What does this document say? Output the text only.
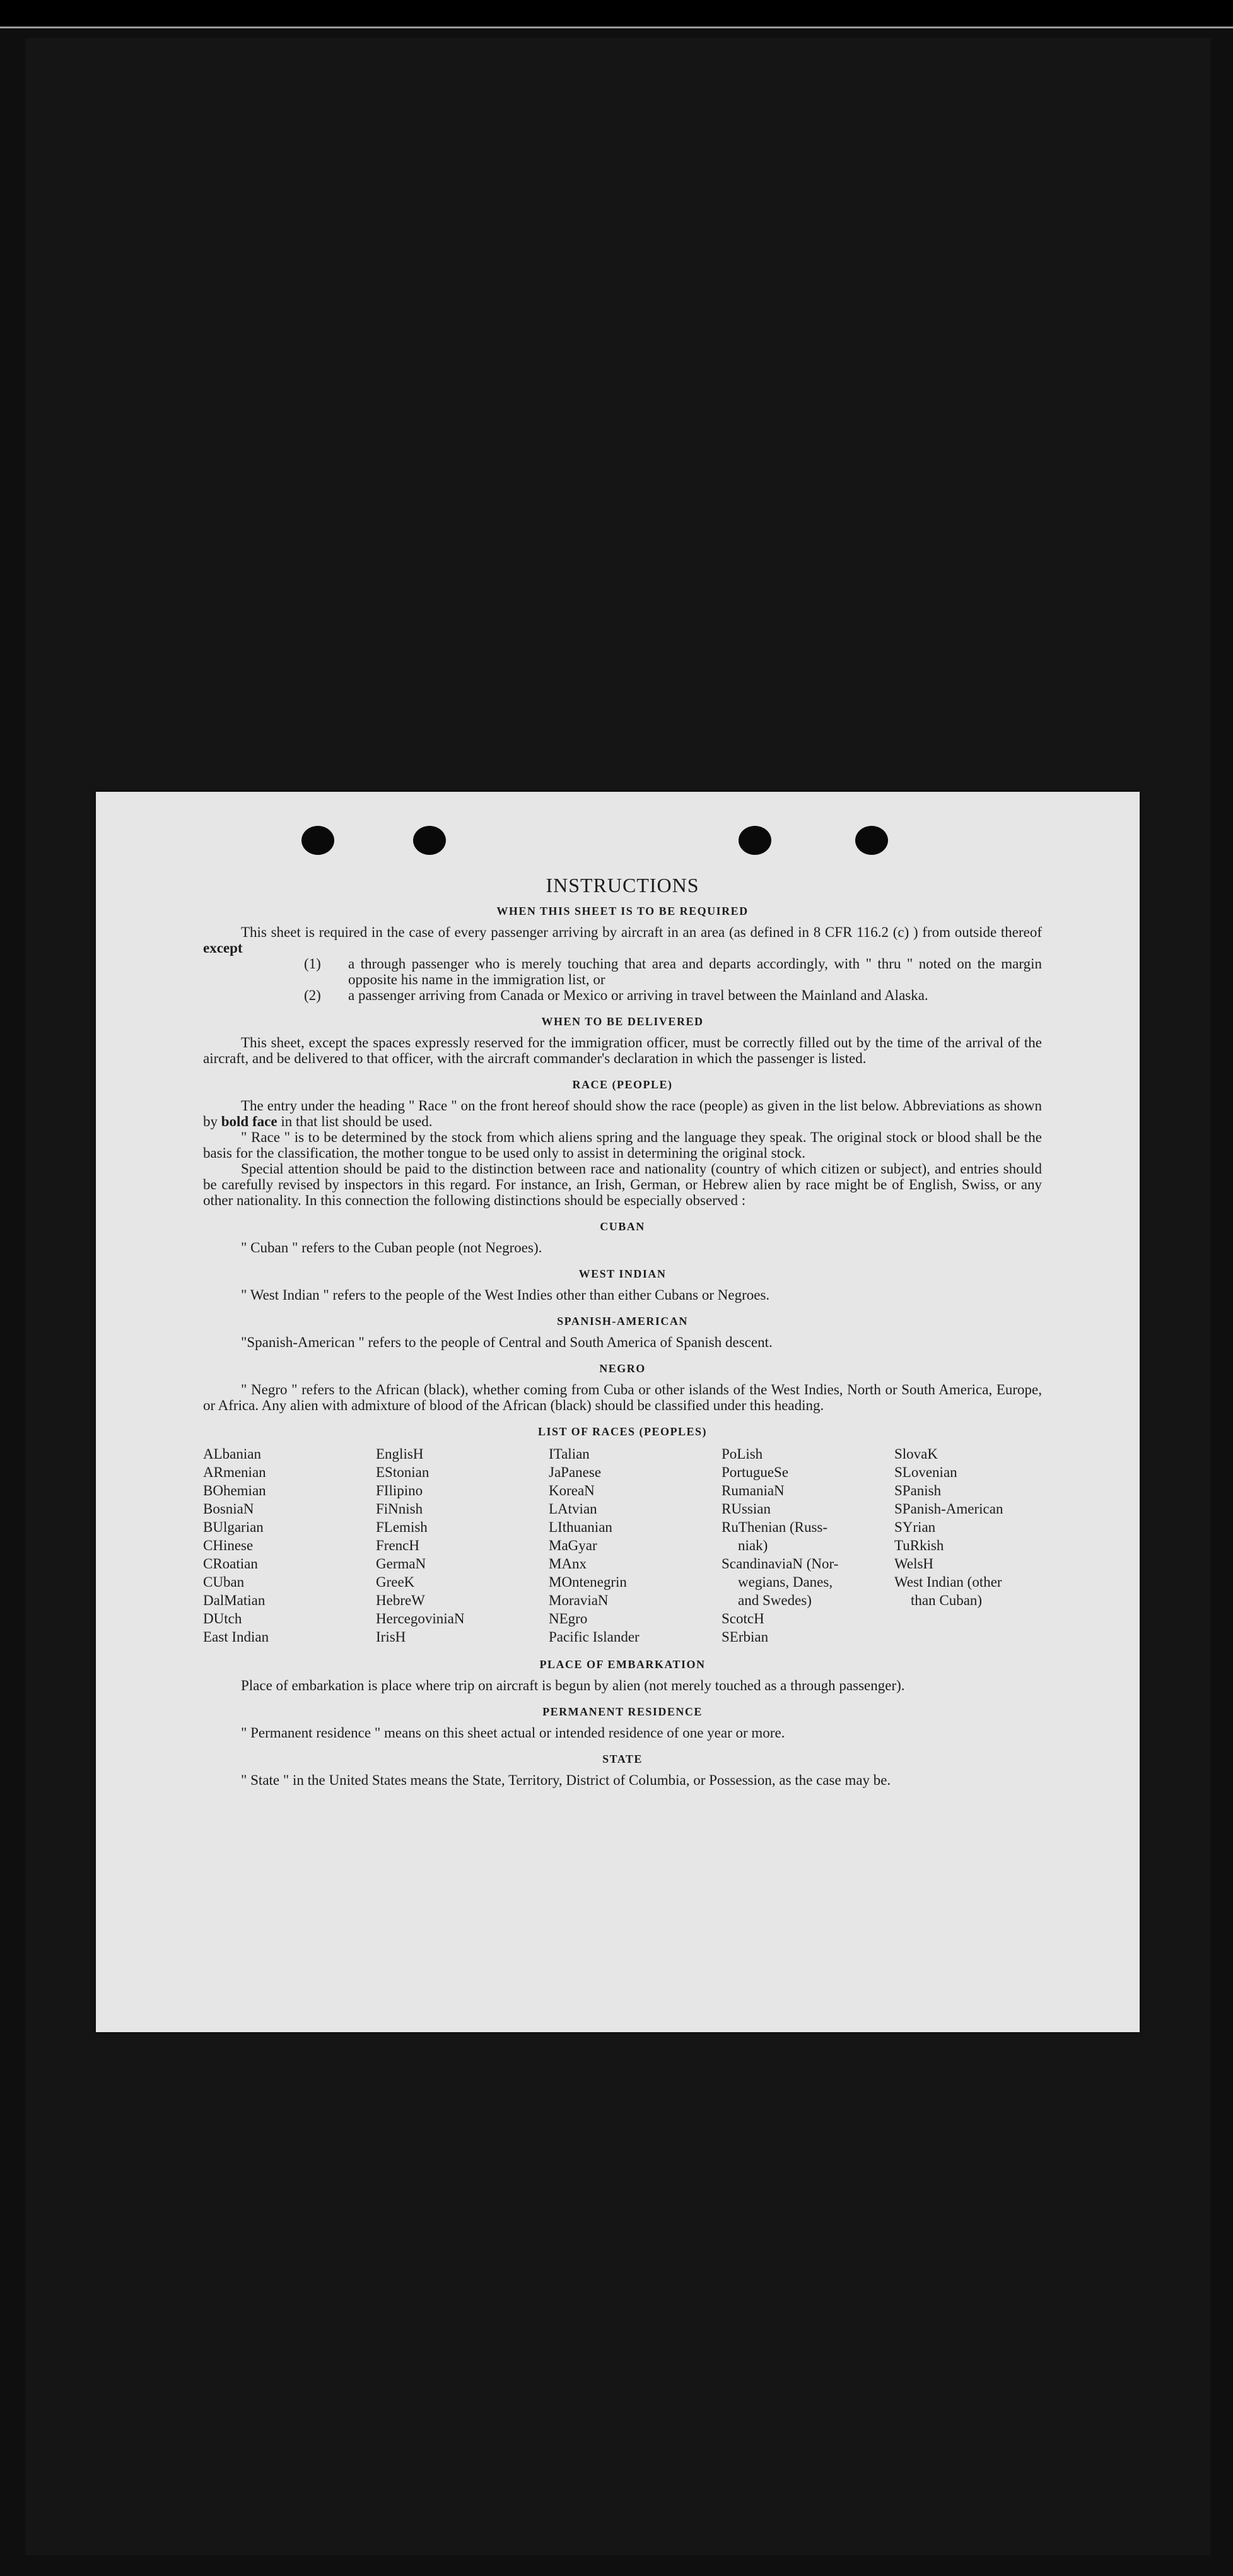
INSTRUCTIONS
WHEN THIS SHEET IS TO BE REQUIRED

This sheet is required in the case of every passenger arriving by aircraft in an area (as defined in 8 CFR 116.2 (c) ) from outside thereof except

(1) a through passenger who is merely touching that area and departs accordingly, with " thru " noted on the margin opposite his name in the immigration list, or

(2) a passenger arriving from Canada or Mexico or arriving in travel between the Mainland and Alaska.

WHEN TO BE DELIVERED

This sheet, except the spaces expressly reserved for the immigration officer, must be correctly filled out by the time of the arrival of the aircraft, and be delivered to that officer, with the aircraft commander's declaration in which the passenger is listed.

RACE (PEOPLE)

The entry under the heading " Race " on the front hereof should show the race (people) as given in the list below. Abbreviations as shown by bold face in that list should be used.

" Race " is to be determined by the stock from which aliens spring and the language they speak. The original stock or blood shall be the basis for the classification, the mother tongue to be used only to assist in determining the original stock.

Special attention should be paid to the distinction between race and nationality (country of which citizen or subject), and entries should be carefully revised by inspectors in this regard. For instance, an Irish, German, or Hebrew alien by race might be of English, Swiss, or any other nationality. In this connection the following distinctions should be especially observed :

CUBAN

" Cuban " refers to the Cuban people (not Negroes).

WEST INDIAN

" West Indian " refers to the people of the West Indies other than either Cubans or Negroes.

SPANISH-AMERICAN

"Spanish-American " refers to the people of Central and South America of Spanish descent.

NEGRO

" Negro " refers to the African (black), whether coming from Cuba or other islands of the West Indies, North or South America, Europe, or Africa. Any alien with admixture of blood of the African (black) should be classified under this heading.

LIST OF RACES (PEOPLES)
ALbanian
ARmenian
BOhemian
BosniaN
BUlgarian
CHinese
CRoatian
CUban
DalMatian
DUtch
East Indian
EnglisH
EStonian
FIlipino
FiNnish
FLemish
FrencH
GermaN
GreeK
HebreW
HercegoviniaN
IrisH
ITalian
JaPanese
KoreaN
LAtvian
LIthuanian
MaGyar
MAnx
MOntenegrin
MoraviaN
NEgro
Pacific Islander
PoLish
PortugueSe
RumaniaN
RUssian
RuThenian (Russ-
niak)
ScandinaviaN (Nor-
wegians, Danes,
and Swedes)
ScotcH
SErbian
SlovaK
SLovenian
SPanish
SPanish-American
SYrian
TuRkish
WelsH
West Indian (other
than Cuban)
PLACE OF EMBARKATION

Place of embarkation is place where trip on aircraft is begun by alien (not merely touched as a through passenger).

PERMANENT RESIDENCE

" Permanent residence " means on this sheet actual or intended residence of one year or more.

STATE

" State " in the United States means the State, Territory, District of Columbia, or Possession, as the case may be.
